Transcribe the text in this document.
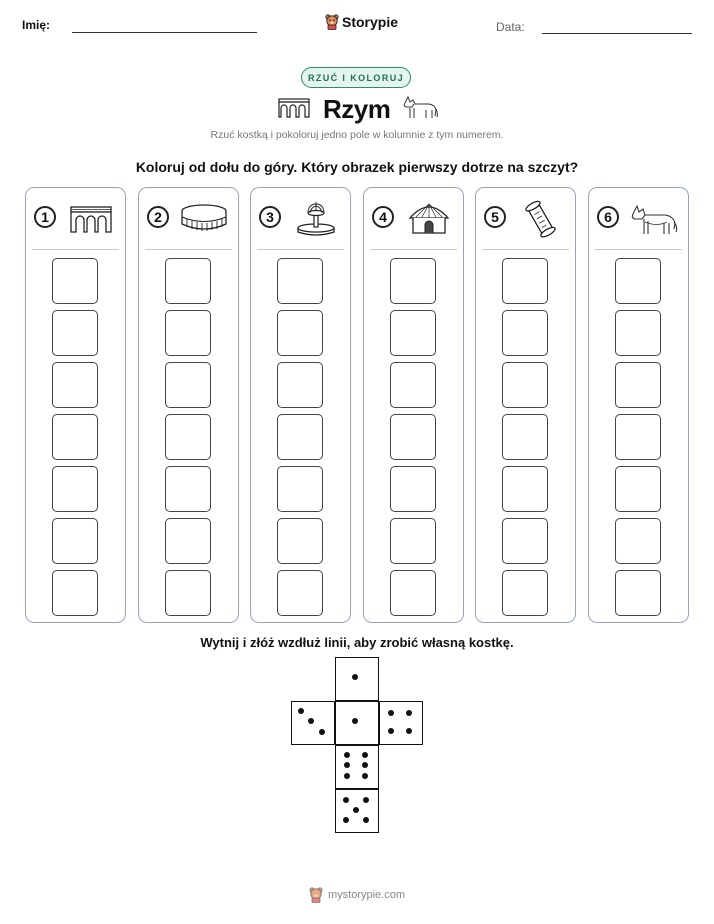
Imię:	Storypie	Data:
RZUĆ I KOLORUJ
Rzym
Rzuć kostką i pokoloruj jedno pole w kolumnie z tym numerem.
Koloruj od dołu do góry. Który obrazek pierwszy dotrze na szczyt?
1	2	3	4	5	6
Wytnij i złóż wzdłuż linii, aby zrobić własną kostkę.
mystorypie.com
